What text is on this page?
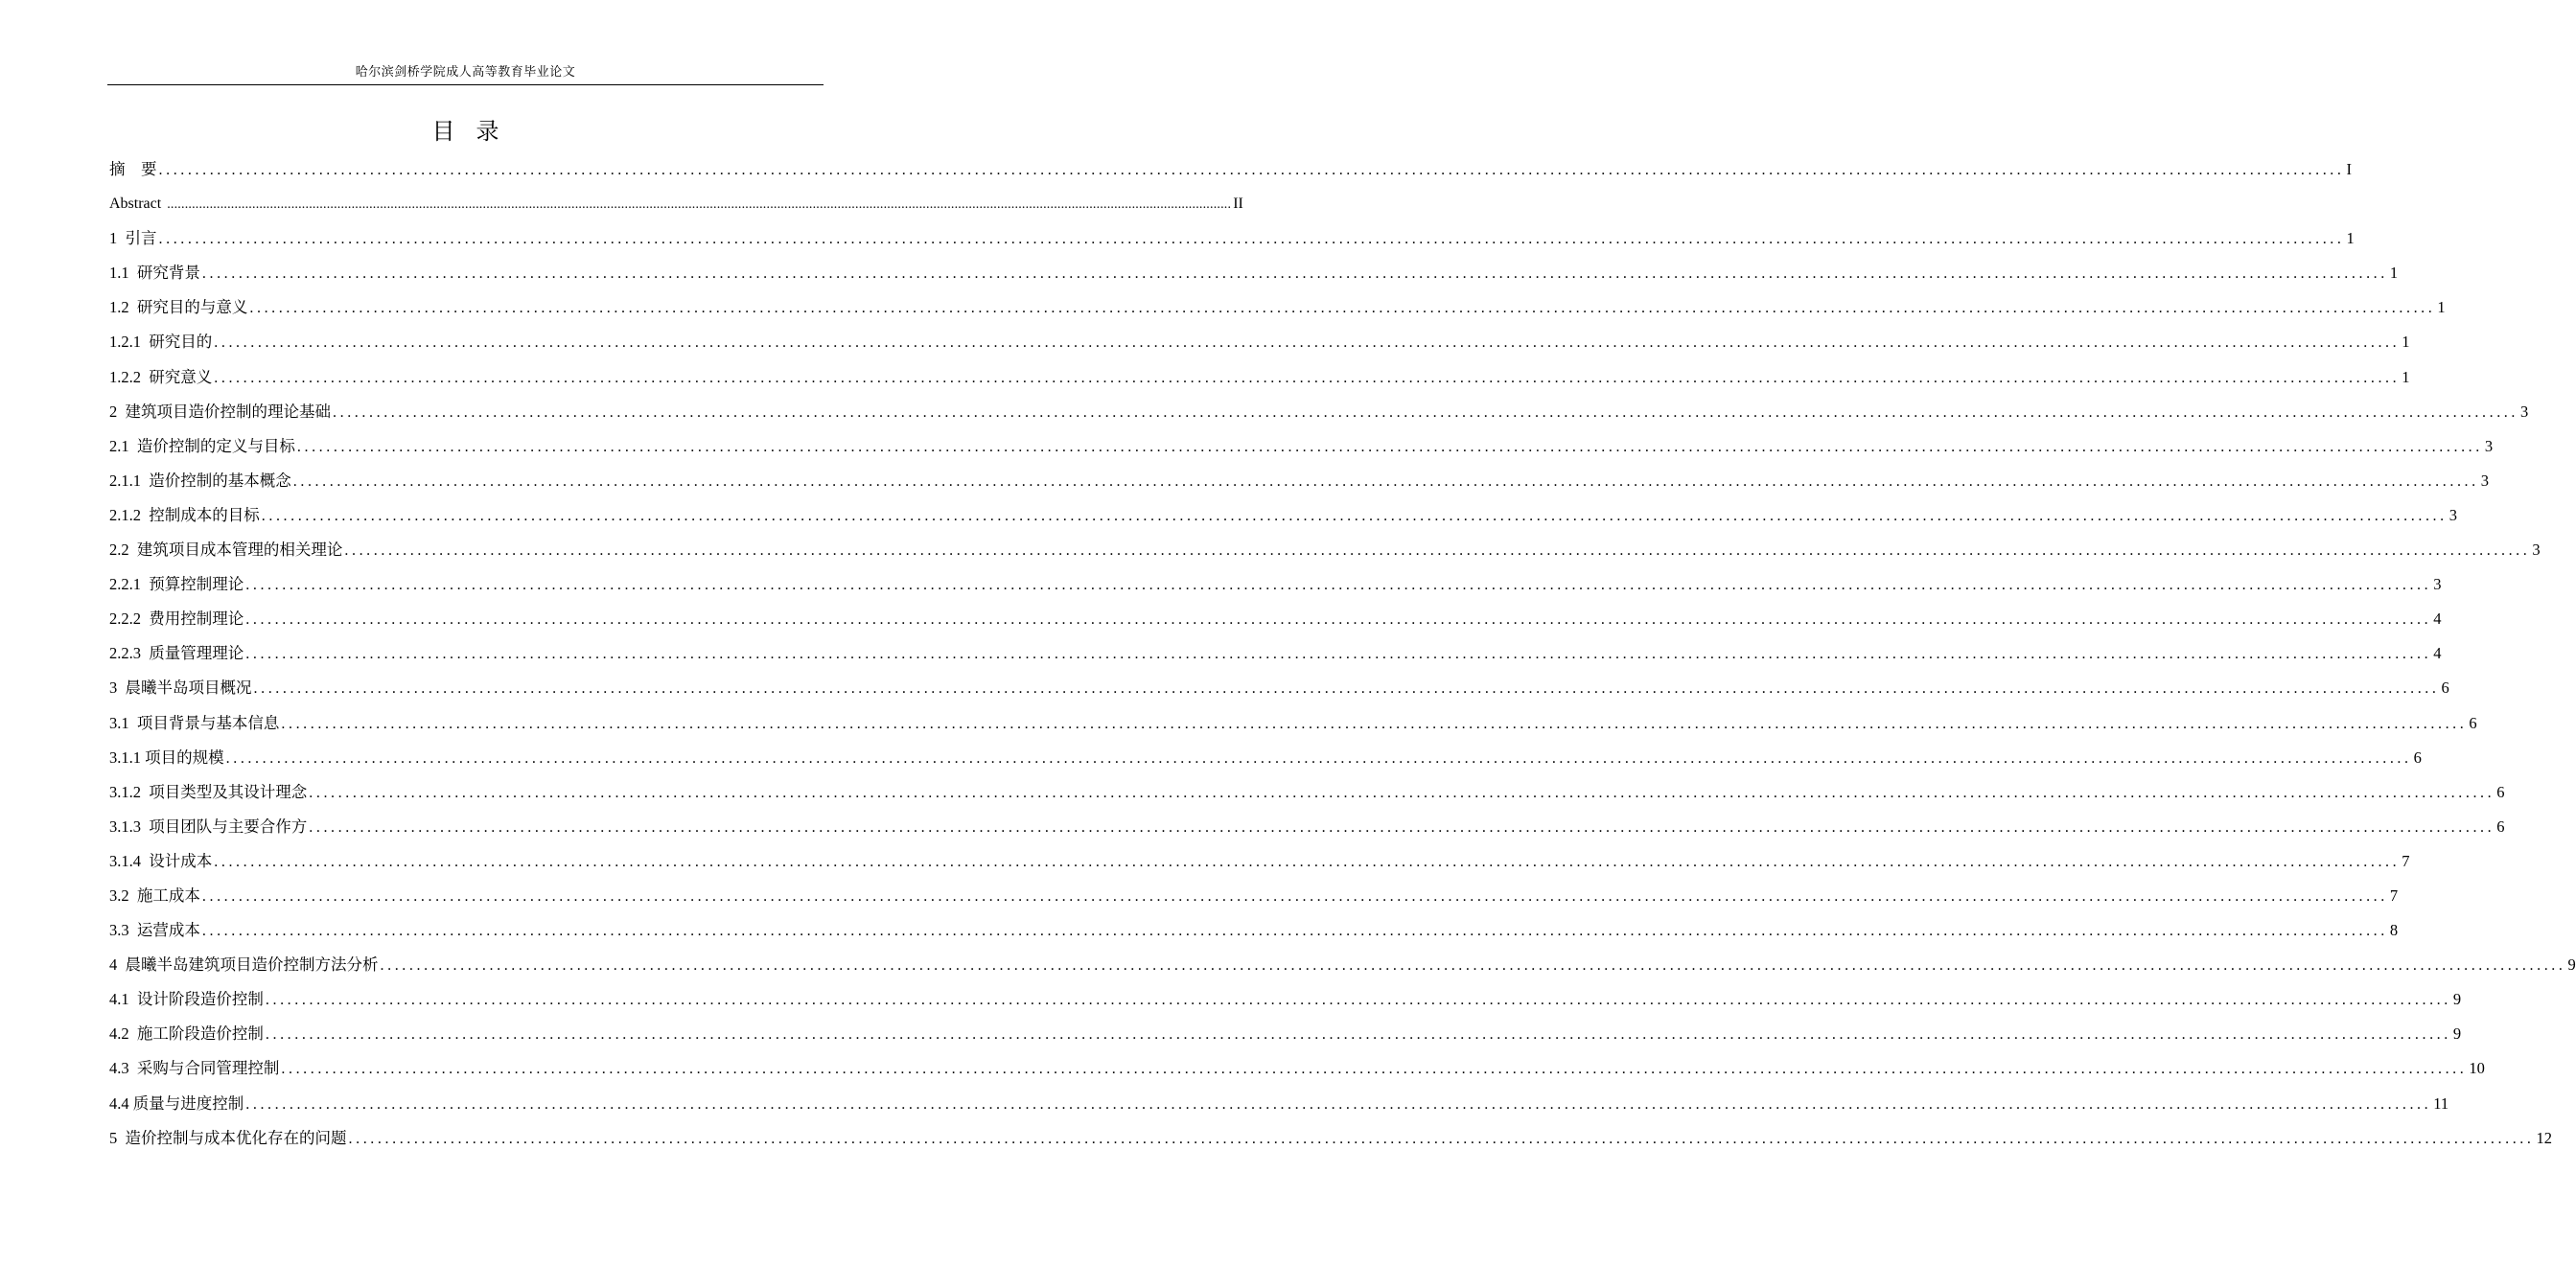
哈尔滨剑桥学院成人高等教育毕业论文
目录
摘    要 ............................................................................................................................................................................................................................................................................................................ I
Abstract ............................................................................................................................................................................................................................................................................................................ II
1  引言 ............................................................................................................................................................................................................................................................................................................ 1
1.1  研究背景 ............................................................................................................................................................................................................................................................................................................ 1
1.2  研究目的与意义 ............................................................................................................................................................................................................................................................................................................ 1
1.2.1  研究目的 ............................................................................................................................................................................................................................................................................................................ 1
1.2.2  研究意义 ............................................................................................................................................................................................................................................................................................................ 1
2  建筑项目造价控制的理论基础 ............................................................................................................................................................................................................................................................................................................ 3
2.1  造价控制的定义与目标 ............................................................................................................................................................................................................................................................................................................ 3
2.1.1  造价控制的基本概念 ............................................................................................................................................................................................................................................................................................................ 3
2.1.2  控制成本的目标 ............................................................................................................................................................................................................................................................................................................ 3
2.2  建筑项目成本管理的相关理论 ............................................................................................................................................................................................................................................................................................................ 3
2.2.1  预算控制理论 ............................................................................................................................................................................................................................................................................................................ 3
2.2.2  费用控制理论 ............................................................................................................................................................................................................................................................................................................ 4
2.2.3  质量管理理论 ............................................................................................................................................................................................................................................................................................................ 4
3  晨曦半岛项目概况 ............................................................................................................................................................................................................................................................................................................ 6
3.1  项目背景与基本信息 ............................................................................................................................................................................................................................................................................................................ 6
3.1.1 项目的规模 ............................................................................................................................................................................................................................................................................................................ 6
3.1.2  项目类型及其设计理念 ............................................................................................................................................................................................................................................................................................................ 6
3.1.3  项目团队与主要合作方 ............................................................................................................................................................................................................................................................................................................ 6
3.1.4  设计成本 ............................................................................................................................................................................................................................................................................................................ 7
3.2  施工成本 ............................................................................................................................................................................................................................................................................................................ 7
3.3  运营成本 ............................................................................................................................................................................................................................................................................................................ 8
4  晨曦半岛建筑项目造价控制方法分析 ............................................................................................................................................................................................................................................................................................................ 9
4.1  设计阶段造价控制 ............................................................................................................................................................................................................................................................................................................ 9
4.2  施工阶段造价控制 ............................................................................................................................................................................................................................................................................................................ 9
4.3  采购与合同管理控制 ............................................................................................................................................................................................................................................................................................................ 10
4.4 质量与进度控制 ............................................................................................................................................................................................................................................................................................................ 11
5  造价控制与成本优化存在的问题 ............................................................................................................................................................................................................................................................................................................ 12
